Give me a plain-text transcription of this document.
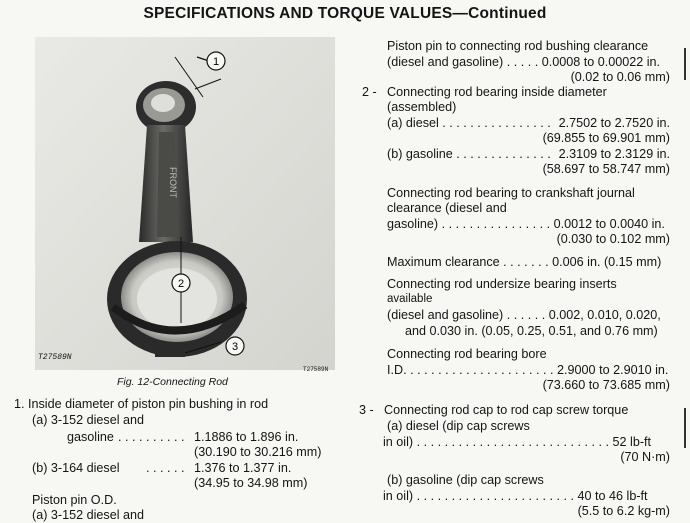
SPECIFICATIONS AND TORQUE VALUES—Continued
FRONT
1
2
3
T27589N
T27589N
Fig. 12-Connecting Rod
1. Inside diameter of piston pin bushing in rod
(a) 3-152 diesel and
gasoline . . . . . . . . . . 1.1886 to 1.896 in.
(30.190 to 30.216 mm)
(b) 3-164 diesel . . . . . . 1.376 to 1.377 in.
(34.95 to 34.98 mm)
Piston pin O.D.
(a) 3-152 diesel and
Piston pin to connecting rod bushing clearance
(diesel and gasoline) . . . . . 0.0008 to 0.00022 in.
(0.02 to 0.06 mm)
2 - Connecting rod bearing inside diameter
(assembled)
(a) diesel . . . . . . . . . . . . . . . . 2.7502 to 2.7520 in.
(69.855 to 69.901 mm)
(b) gasoline . . . . . . . . . . . . . . 2.3109 to 2.3129 in.
(58.697 to 58.747 mm)
Connecting rod bearing to crankshaft journal
clearance (diesel and
gasoline) . . . . . . . . . . . . . . . . 0.0012 to 0.0040 in.
(0.030 to 0.102 mm)
Maximum clearance . . . . . . . 0.006 in. (0.15 mm)
Connecting rod undersize bearing inserts
available
(diesel and gasoline) . . . . . . 0.002, 0.010, 0.020,
and 0.030 in. (0.05, 0.25, 0.51, and 0.76 mm)
Connecting rod bearing bore
I.D. . . . . . . . . . . . . . . . . . . . . . 2.9000 to 2.9010 in.
(73.660 to 73.685 mm)
3 - Connecting rod cap to rod cap screw torque
(a) diesel (dip cap screws
in oil) . . . . . . . . . . . . . . . . . . . . . . . . . . . . 52 lb-ft
(70 N·m)
(b) gasoline (dip cap screws
in oil) . . . . . . . . . . . . . . . . . . . . . . . 40 to 46 lb-ft
(5.5 to 6.2 kg-m)
